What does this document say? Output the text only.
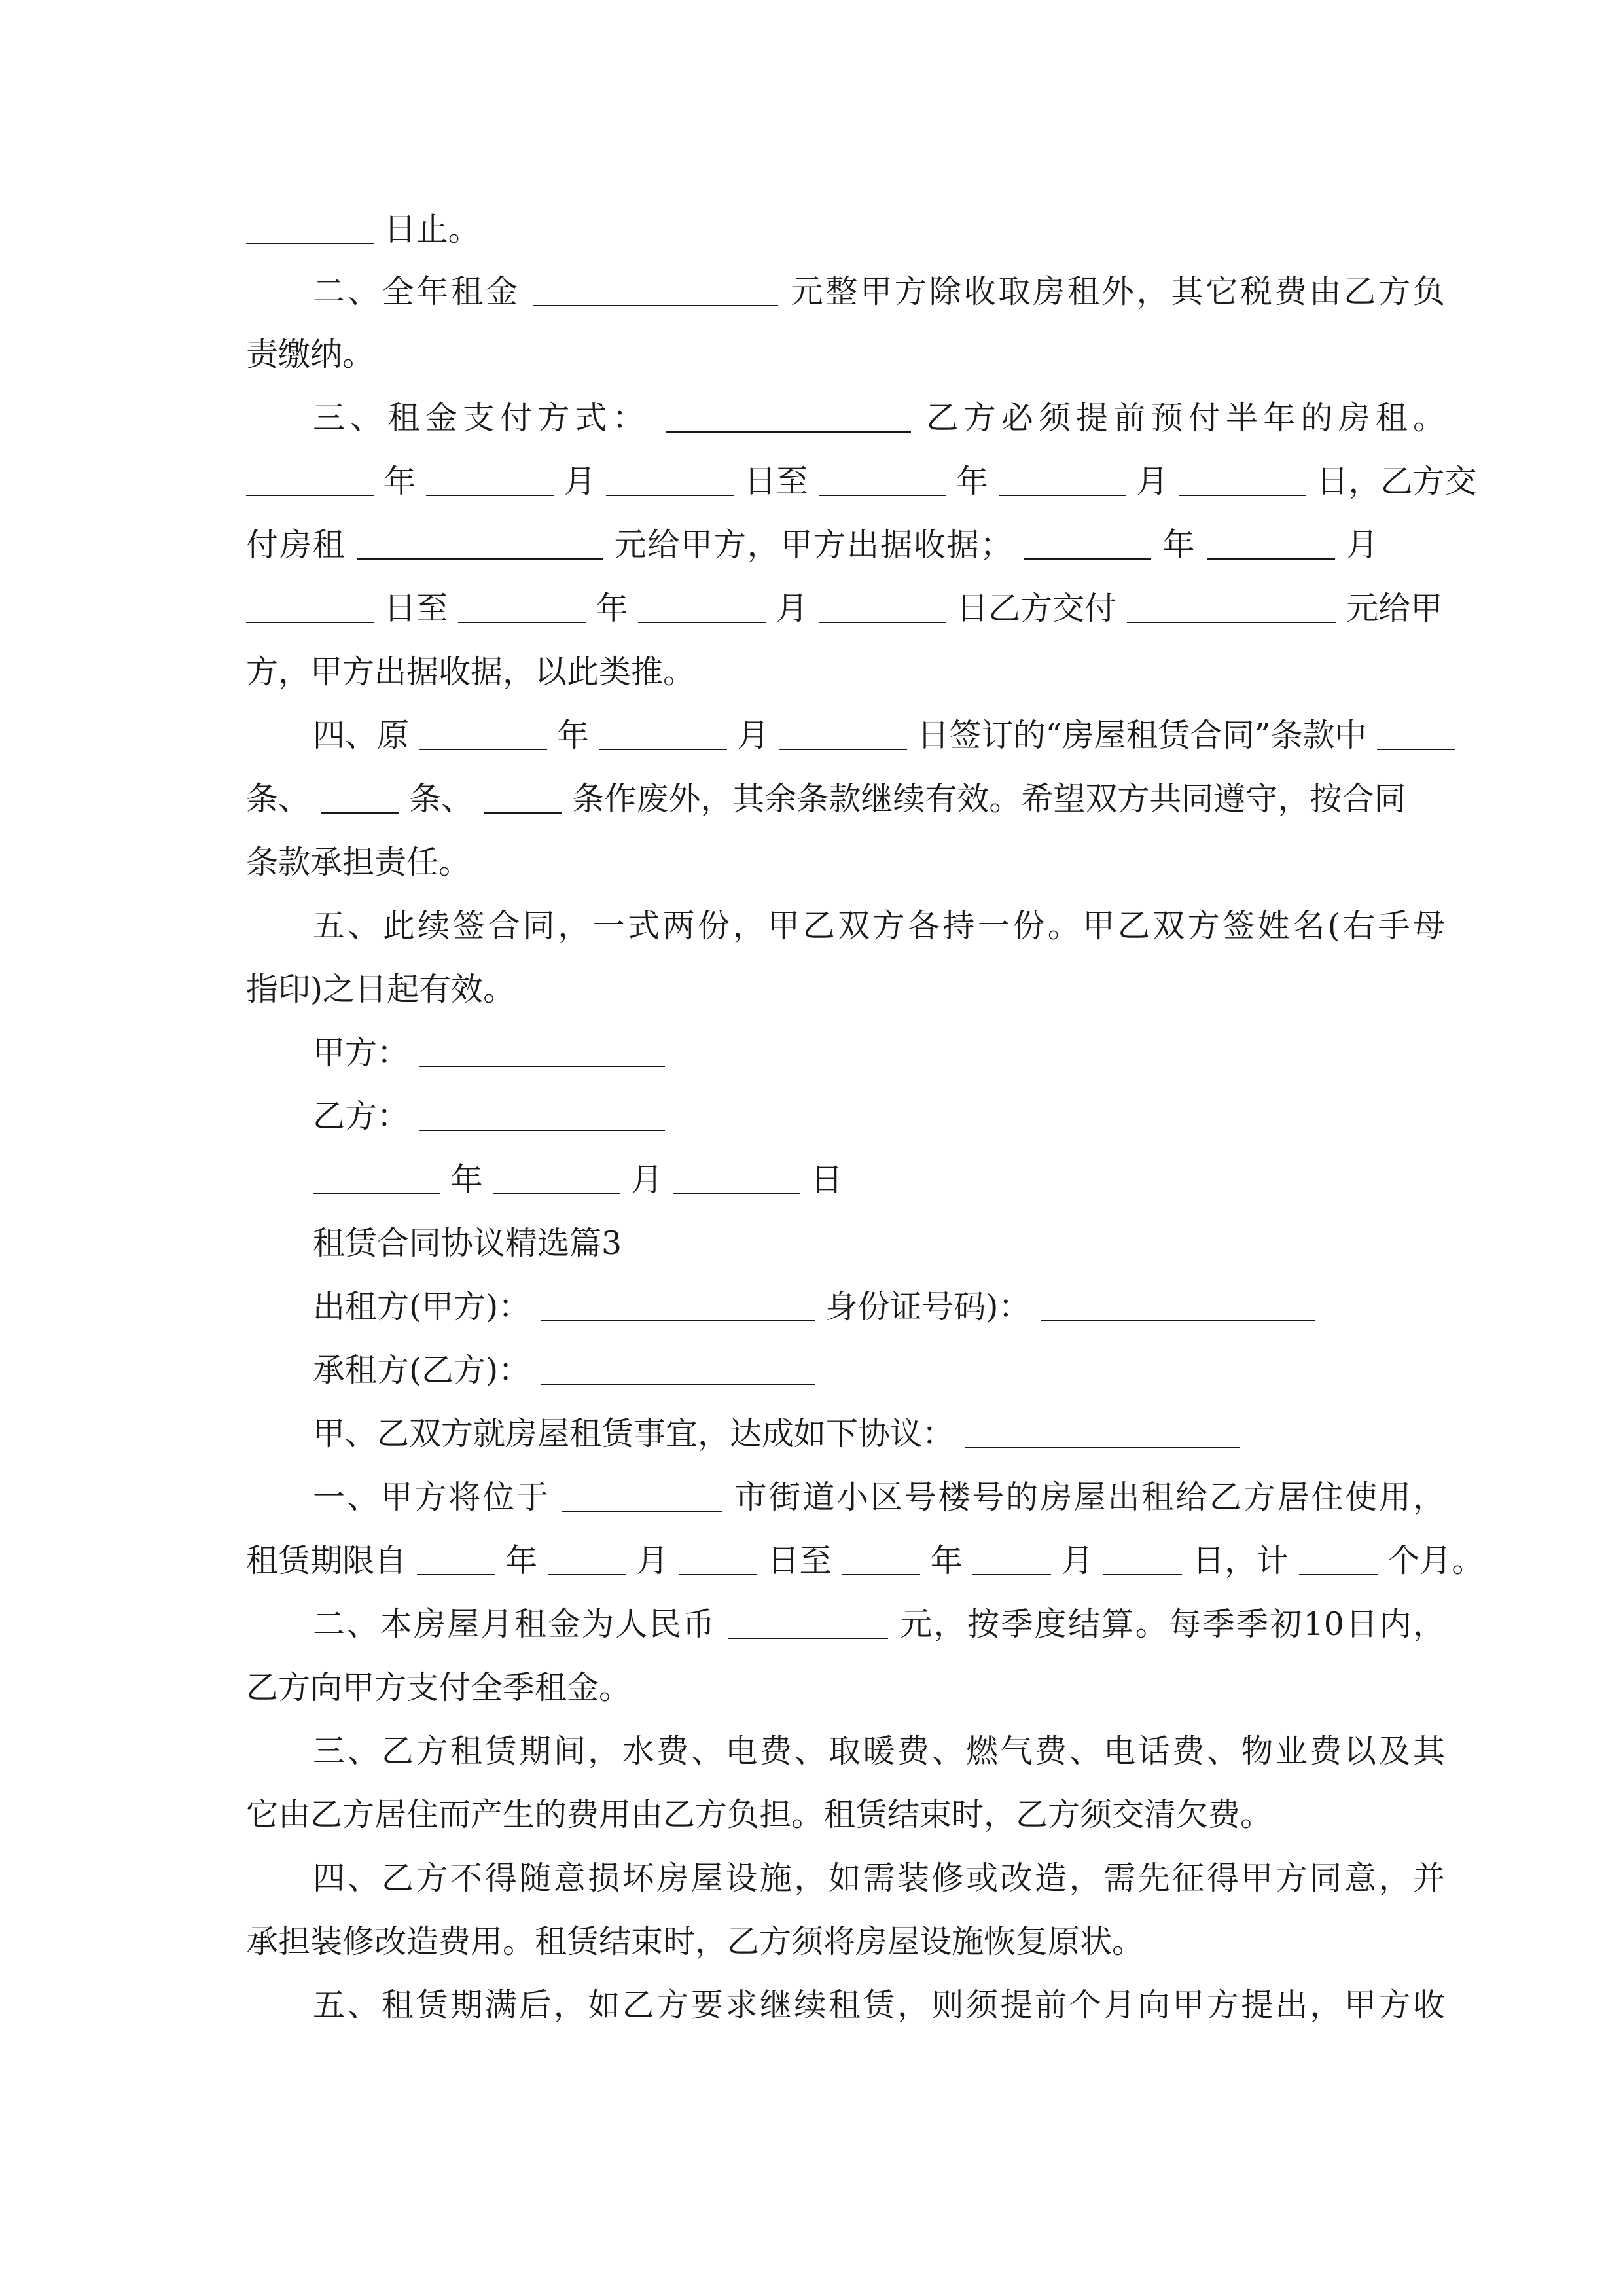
日止。
二、全年租金	元整甲方除收取房租外，其它税费由乙方负
责缴纳。
三、租金支付方式：	乙方必须提前预付半年的房租。
年	月	日至	年	月	日，乙方交
付房租	元给甲方，甲方出据收据；	年	月
日至	年	月	日乙方交付	元给甲
方，甲方出据收据，以此类推。
四、原	年	月	日签订的“房屋租赁合同”条款中
条、	条、	条作废外，其余条款继续有效。希望双方共同遵守，按合同
条款承担责任。
五、此续签合同，一式两份，甲乙双方各持一份。甲乙双方签姓名(右手母
指印)之日起有效。
甲方：
乙方：
年	月	日
租赁合同协议精选篇3
出租方(甲方)：	身份证号码)：
承租方(乙方)：
甲、乙双方就房屋租赁事宜，达成如下协议：
一、甲方将位于	市街道小区号楼号的房屋出租给乙方居住使用，
租赁期限自	年	月	日至	年	月	日，计	个月。
二、本房屋月租金为人民币	元，按季度结算。每季季初10日内，
乙方向甲方支付全季租金。
三、乙方租赁期间，水费、电费、取暖费、燃气费、电话费、物业费以及其
它由乙方居住而产生的费用由乙方负担。租赁结束时，乙方须交清欠费。
四、乙方不得随意损坏房屋设施，如需装修或改造，需先征得甲方同意，并
承担装修改造费用。租赁结束时，乙方须将房屋设施恢复原状。
五、租赁期满后，如乙方要求继续租赁，则须提前个月向甲方提出，甲方收
